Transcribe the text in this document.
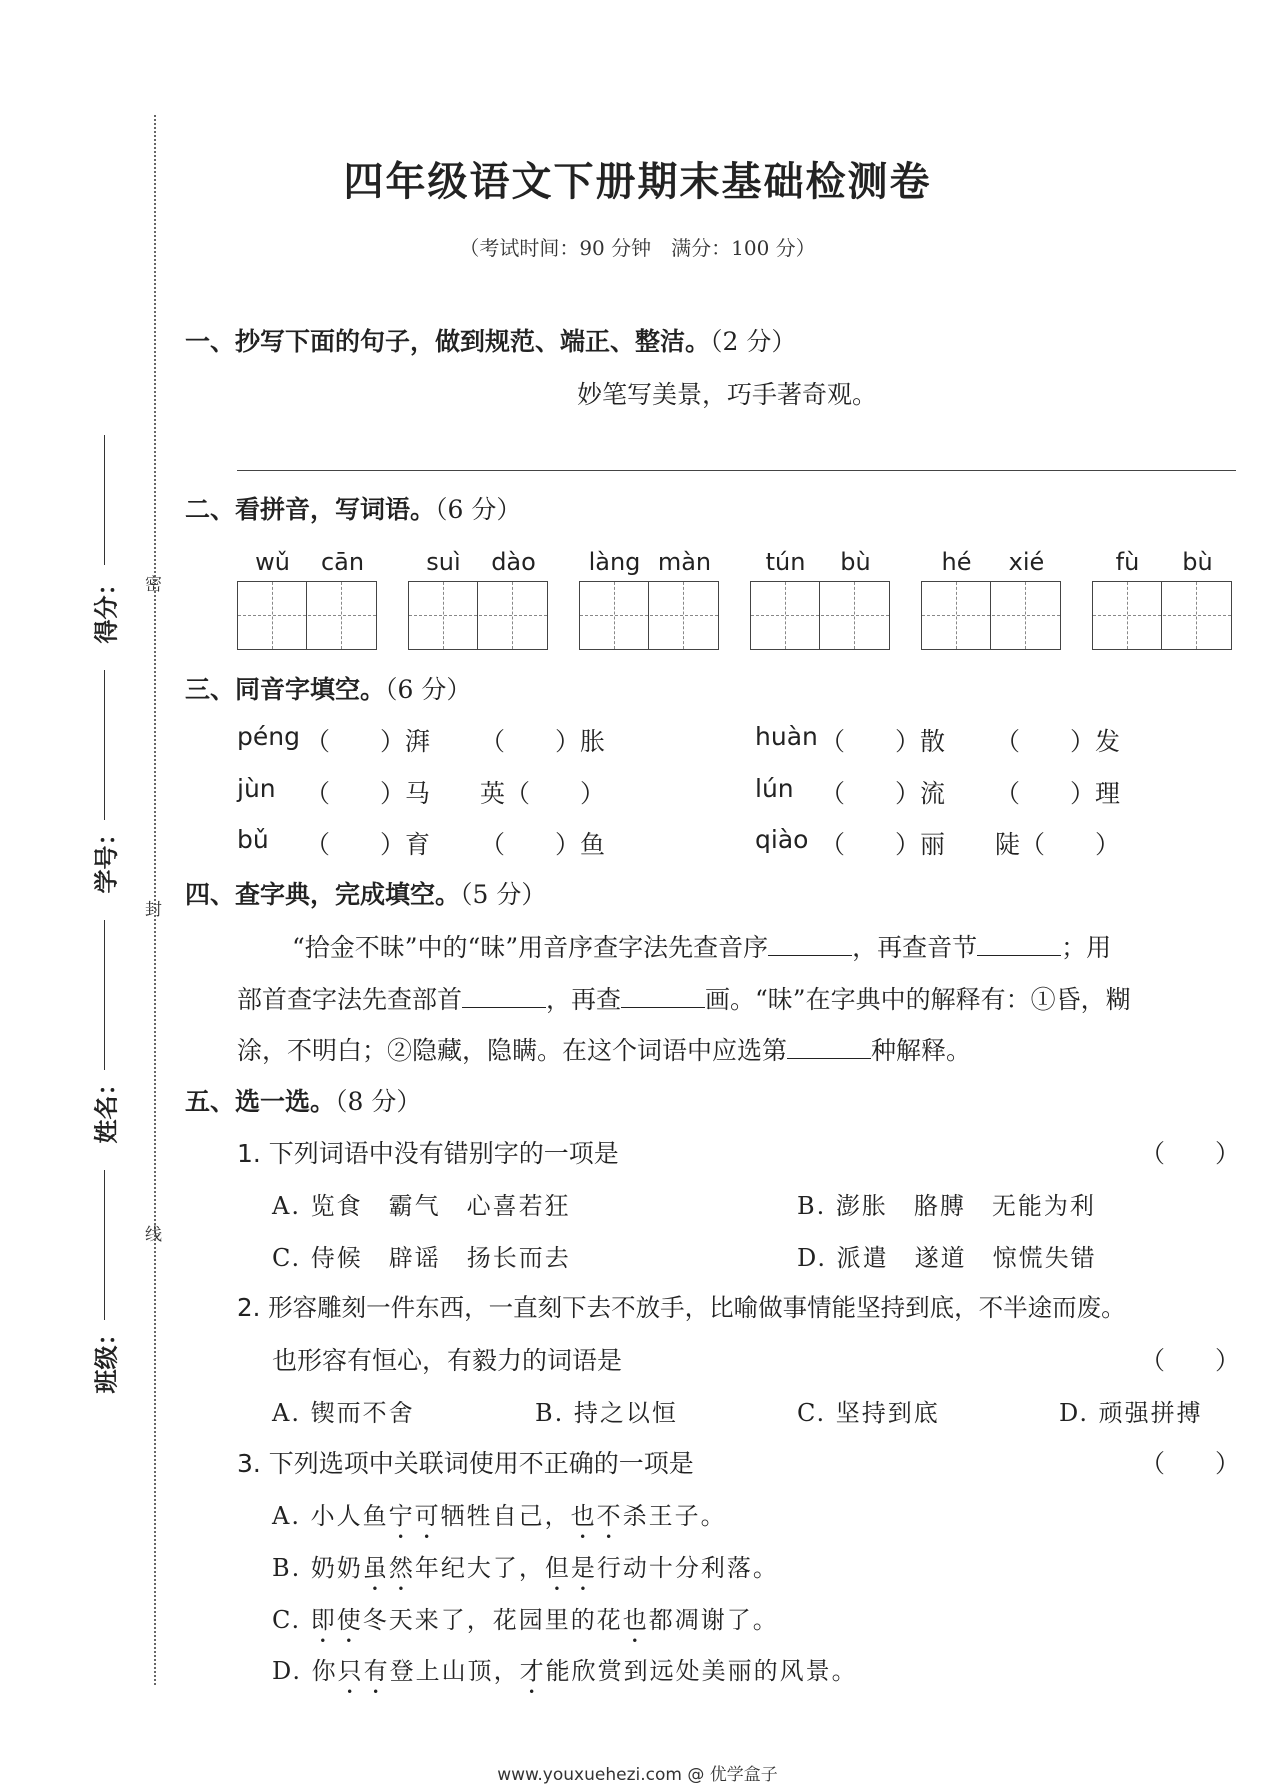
四年级语文下册期末基础检测卷
（考试时间：90 分钟　满分：100 分）
密
封
线
得分：
学号：
姓名：
班级：
一、抄写下面的句子，做到规范、端正、整洁。（2 分）
妙笔写美景，巧手著奇观。
二、看拼音，写词语。（6 分）
wǔ	cān	suì	dào	làng màn	tún	bù	hé	xié	fù	bù
三、同音字填空。（6 分）
péng （　　）湃 （　　）胀	huàn （　　）散 （　　）发
jùn （　　）马 英（　　）	lún （　　）流 （　　）理
bǔ （　　）育 （　　）鱼	qiào （　　）丽 陡（　　）
四、查字典，完成填空。（5 分）
“拾金不昧”中的“昧”用音序查字法先查音序	，再查音节	；用
部首查字法先查部首	，再查	画。“昧”在字典中的解释有：①昏，糊
涂，不明白；②隐藏，隐瞒。在这个词语中应选第	种解释。
五、选一选。（8 分）
1. 下列词语中没有错别字的一项是	（　　）
A. 览食　霸气　心喜若狂	B. 澎胀　胳膊　无能为利
C. 侍候　辟谣　扬长而去	D. 派遣　遂道　惊慌失错
2. 形容雕刻一件东西，一直刻下去不放手，比喻做事情能坚持到底，不半途而废。
也形容有恒心，有毅力的词语是	（　　）
A. 锲而不舍	B. 持之以恒	C. 坚持到底	D. 顽强拼搏
3. 下列选项中关联词使用不正确的一项是	（　　）
A. 小人鱼宁可牺牲自己，也不杀王子。
B. 奶奶虽然年纪大了，但是行动十分利落。
C. 即使冬天来了，花园里的花也都凋谢了。
D. 你只有登上山顶，才能欣赏到远处美丽的风景。
www.youxuehezi.com @ 优学盒子
